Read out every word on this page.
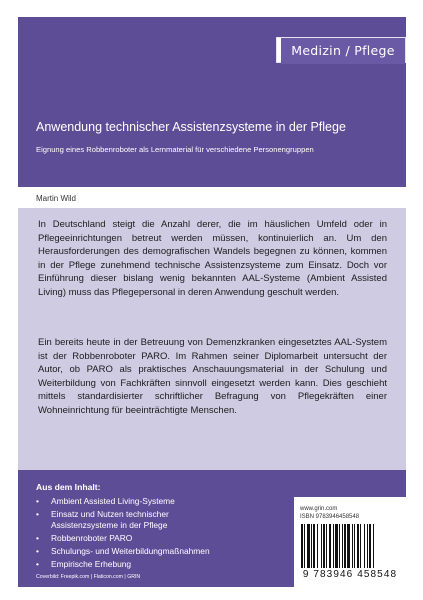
Medizin / Pflege
Anwendung technischer Assistenzsysteme in der Pflege
Eignung eines Robbenroboter als Lernmaterial für verschiedene Personengruppen
Martin Wild

In Deutschland steigt die Anzahl derer, die im häuslichen Umfeld oder in Pflegeeinrichtungen betreut werden müssen, kontinuierlich an. Um den Herausforderungen des demografischen Wandels begegnen zu können, kommen in der Pflege zunehmend technische Assistenzsysteme zum Einsatz. Doch vor Einführung dieser bislang wenig bekannten AAL-Systeme (Ambient Assisted Living) muss das Pflegepersonal in deren Anwendung geschult werden.

Ein bereits heute in der Betreuung von Demenzkranken eingesetztes AAL-System ist der Robbenroboter PARO. Im Rahmen seiner Diplomarbeit untersucht der Autor, ob PARO als praktisches Anschauungsmaterial in der Schulung und Weiterbildung von Fachkräften sinnvoll eingesetzt werden kann. Dies geschieht mittels standardisierter schriftlicher Befragung von Pflegekräften einer Wohneinrichtung für beeinträchtigte Menschen.

Aus dem Inhalt:
•	Ambient Assisted Living-Systeme
•	Einsatz und Nutzen technischer Assistenzsysteme in der Pflege
•	Robbenroboter PARO
•	Schulungs- und Weiterbildungmaßnahmen
•	Empirische Erhebung
Coverbild: Freepik.com | Flaticon.com | GRIN
www.grin.com
ISBN 9783946458548
9 783946 458548
